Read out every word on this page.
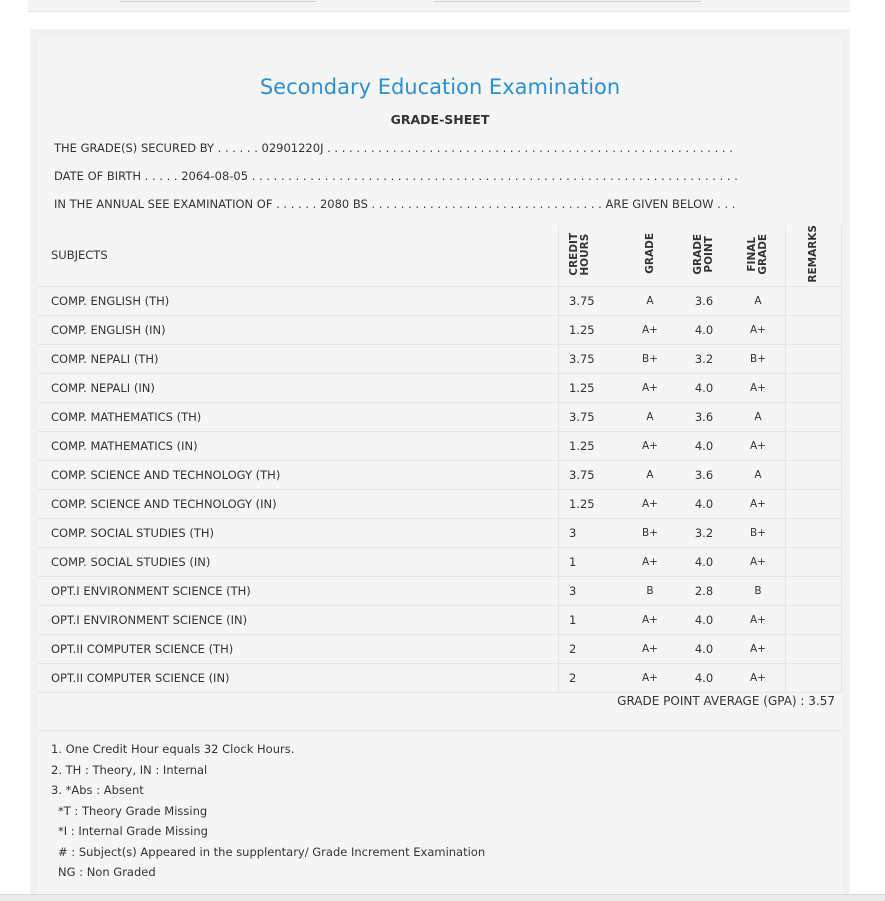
Secondary Education Examination
GRADE-SHEET
THE GRADE(S) SECURED BY . . . . . . 02901220J . . . . . . . . . . . . . . . . . . . . . . . . . . . . . . . . . . . . . . . . . . . . . . . . . . . . . . . .
DATE OF BIRTH . . . . . 2064-08-05 . . . . . . . . . . . . . . . . . . . . . . . . . . . . . . . . . . . . . . . . . . . . . . . . . . . . . . . . . . . . . . . . . . .
IN THE ANNUAL SEE EXAMINATION OF . . . . . . 2080 BS . . . . . . . . . . . . . . . . . . . . . . . . . . . . . . . . ARE GIVEN BELOW . . .
SUBJECTS	CREDIT HOURS	GRADE	GRADE POINT	FINAL GRADE	REMARKS
COMP. ENGLISH (TH)	3.75	A	3.6	A	
COMP. ENGLISH (IN)	1.25	A+	4.0	A+	
COMP. NEPALI (TH)	3.75	B+	3.2	B+	
COMP. NEPALI (IN)	1.25	A+	4.0	A+	
COMP. MATHEMATICS (TH)	3.75	A	3.6	A	
COMP. MATHEMATICS (IN)	1.25	A+	4.0	A+	
COMP. SCIENCE AND TECHNOLOGY (TH)	3.75	A	3.6	A	
COMP. SCIENCE AND TECHNOLOGY (IN)	1.25	A+	4.0	A+	
COMP. SOCIAL STUDIES (TH)	3	B+	3.2	B+	
COMP. SOCIAL STUDIES (IN)	1	A+	4.0	A+	
OPT.I ENVIRONMENT SCIENCE (TH)	3	B	2.8	B	
OPT.I ENVIRONMENT SCIENCE (IN)	1	A+	4.0	A+	
OPT.II COMPUTER SCIENCE (TH)	2	A+	4.0	A+	
OPT.II COMPUTER SCIENCE (IN)	2	A+	4.0	A+	
GRADE POINT AVERAGE (GPA) : 3.57
1. One Credit Hour equals 32 Clock Hours.
2. TH : Theory, IN : Internal
3. *Abs : Absent
*T : Theory Grade Missing
*I : Internal Grade Missing
# : Subject(s) Appeared in the supplentary/ Grade Increment Examination
NG : Non Graded
